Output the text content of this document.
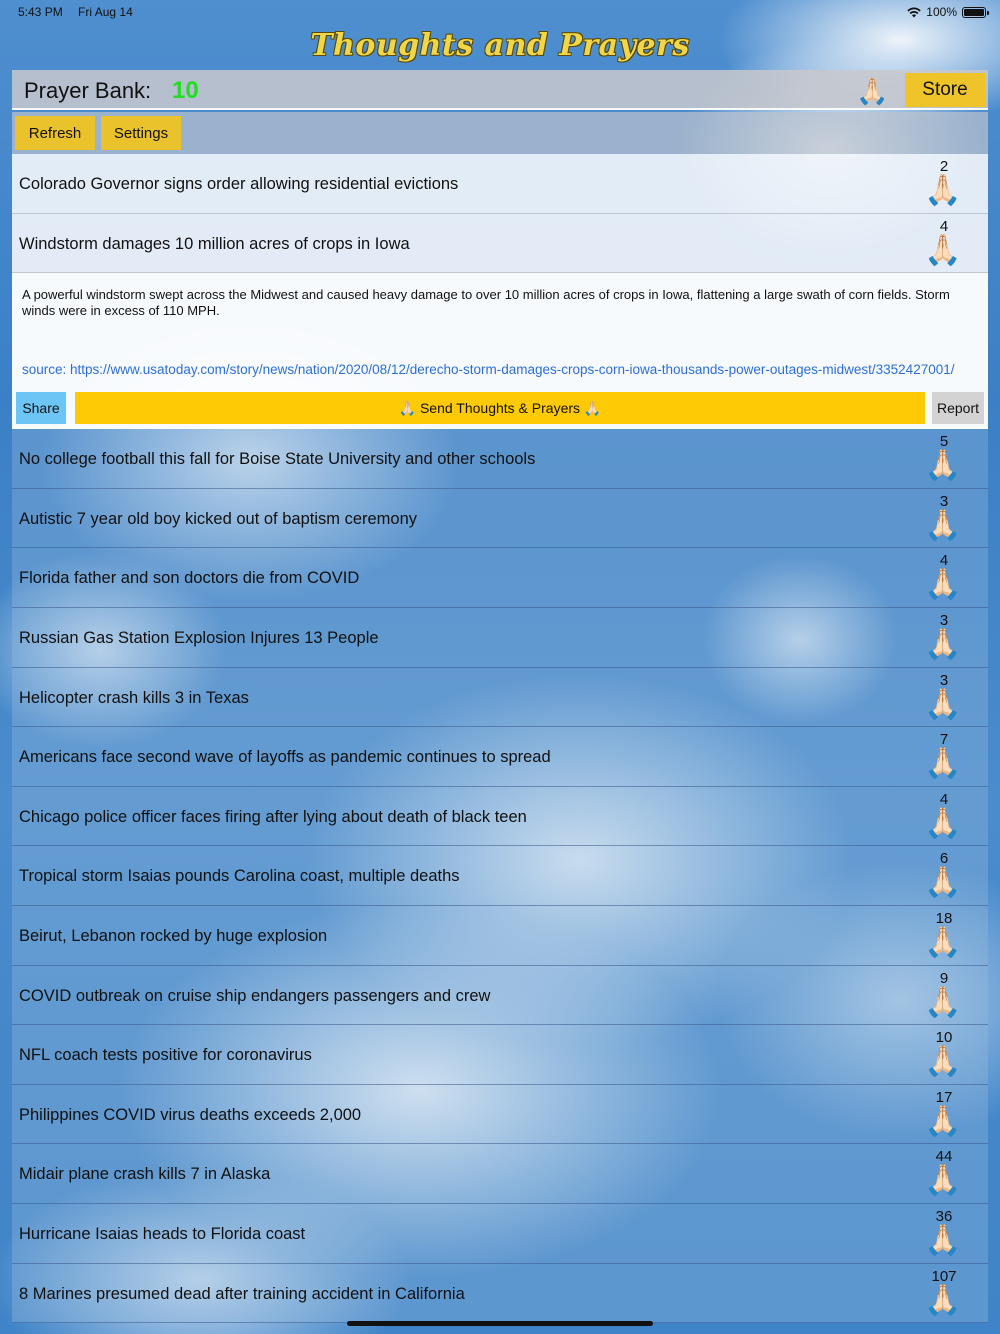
5:43 PM Fri Aug 14	100%
Thoughts and Prayers
Prayer Bank: 10	🙏🏻	Store
Refresh	Settings
Colorado Governor signs order allowing residential evictions
2
🙏🏻
Windstorm damages 10 million acres of crops in Iowa
4
🙏🏻
A powerful windstorm swept across the Midwest and caused heavy damage to over 10 million acres of crops in Iowa, flattening a large swath of corn fields. Storm winds were in excess of 110 MPH.
source: https://www.usatoday.com/story/news/nation/2020/08/12/derecho-storm-damages-crops-corn-iowa-thousands-power-outages-midwest/3352427001/
Share	🙏🏻 Send Thoughts & Prayers 🙏🏻	Report
No college football this fall for Boise State University and other schools
5
🙏🏻
Autistic 7 year old boy kicked out of baptism ceremony
3
🙏🏻
Florida father and son doctors die from COVID
4
🙏🏻
Russian Gas Station Explosion Injures 13 People
3
🙏🏻
Helicopter crash kills 3 in Texas
3
🙏🏻
Americans face second wave of layoffs as pandemic continues to spread
7
🙏🏻
Chicago police officer faces firing after lying about death of black teen
4
🙏🏻
Tropical storm Isaias pounds Carolina coast, multiple deaths
6
🙏🏻
Beirut, Lebanon rocked by huge explosion
18
🙏🏻
COVID outbreak on cruise ship endangers passengers and crew
9
🙏🏻
NFL coach tests positive for coronavirus
10
🙏🏻
Philippines COVID virus deaths exceeds 2,000
17
🙏🏻
Midair plane crash kills 7 in Alaska
44
🙏🏻
Hurricane Isaias heads to Florida coast
36
🙏🏻
8 Marines presumed dead after training accident in California
107
🙏🏻
